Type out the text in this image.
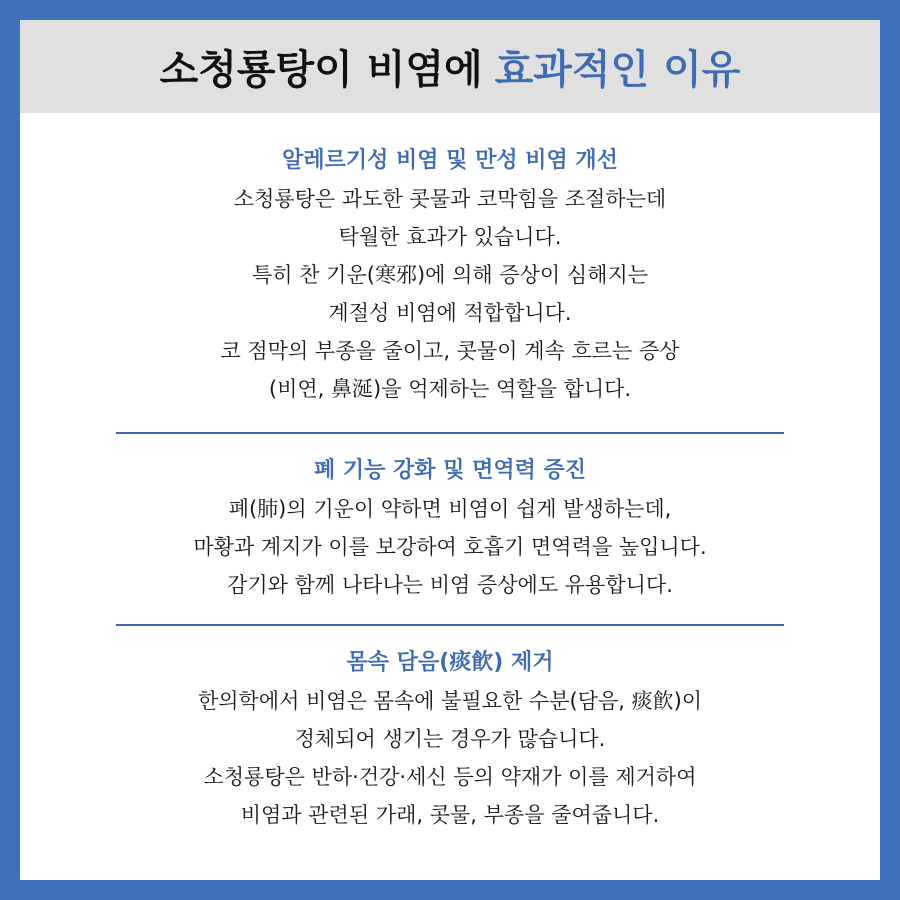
소청룡탕이 비염에 효과적인 이유
알레르기성 비염 및 만성 비염 개선
소청룡탕은 과도한 콧물과 코막힘을 조절하는데
탁월한 효과가 있습니다.
특히 찬 기운(寒邪)에 의해 증상이 심해지는
계절성 비염에 적합합니다.
코 점막의 부종을 줄이고, 콧물이 계속 흐르는 증상
(비연, 鼻涎)을 억제하는 역할을 합니다.
폐 기능 강화 및 면역력 증진
폐(肺)의 기운이 약하면 비염이 쉽게 발생하는데,
마황과 계지가 이를 보강하여 호흡기 면역력을 높입니다.
감기와 함께 나타나는 비염 증상에도 유용합니다.
몸속 담음(痰飮) 제거
한의학에서 비염은 몸속에 불필요한 수분(담음, 痰飮)이
정체되어 생기는 경우가 많습니다.
소청룡탕은 반하·건강·세신 등의 약재가 이를 제거하여
비염과 관련된 가래, 콧물, 부종을 줄여줍니다.
